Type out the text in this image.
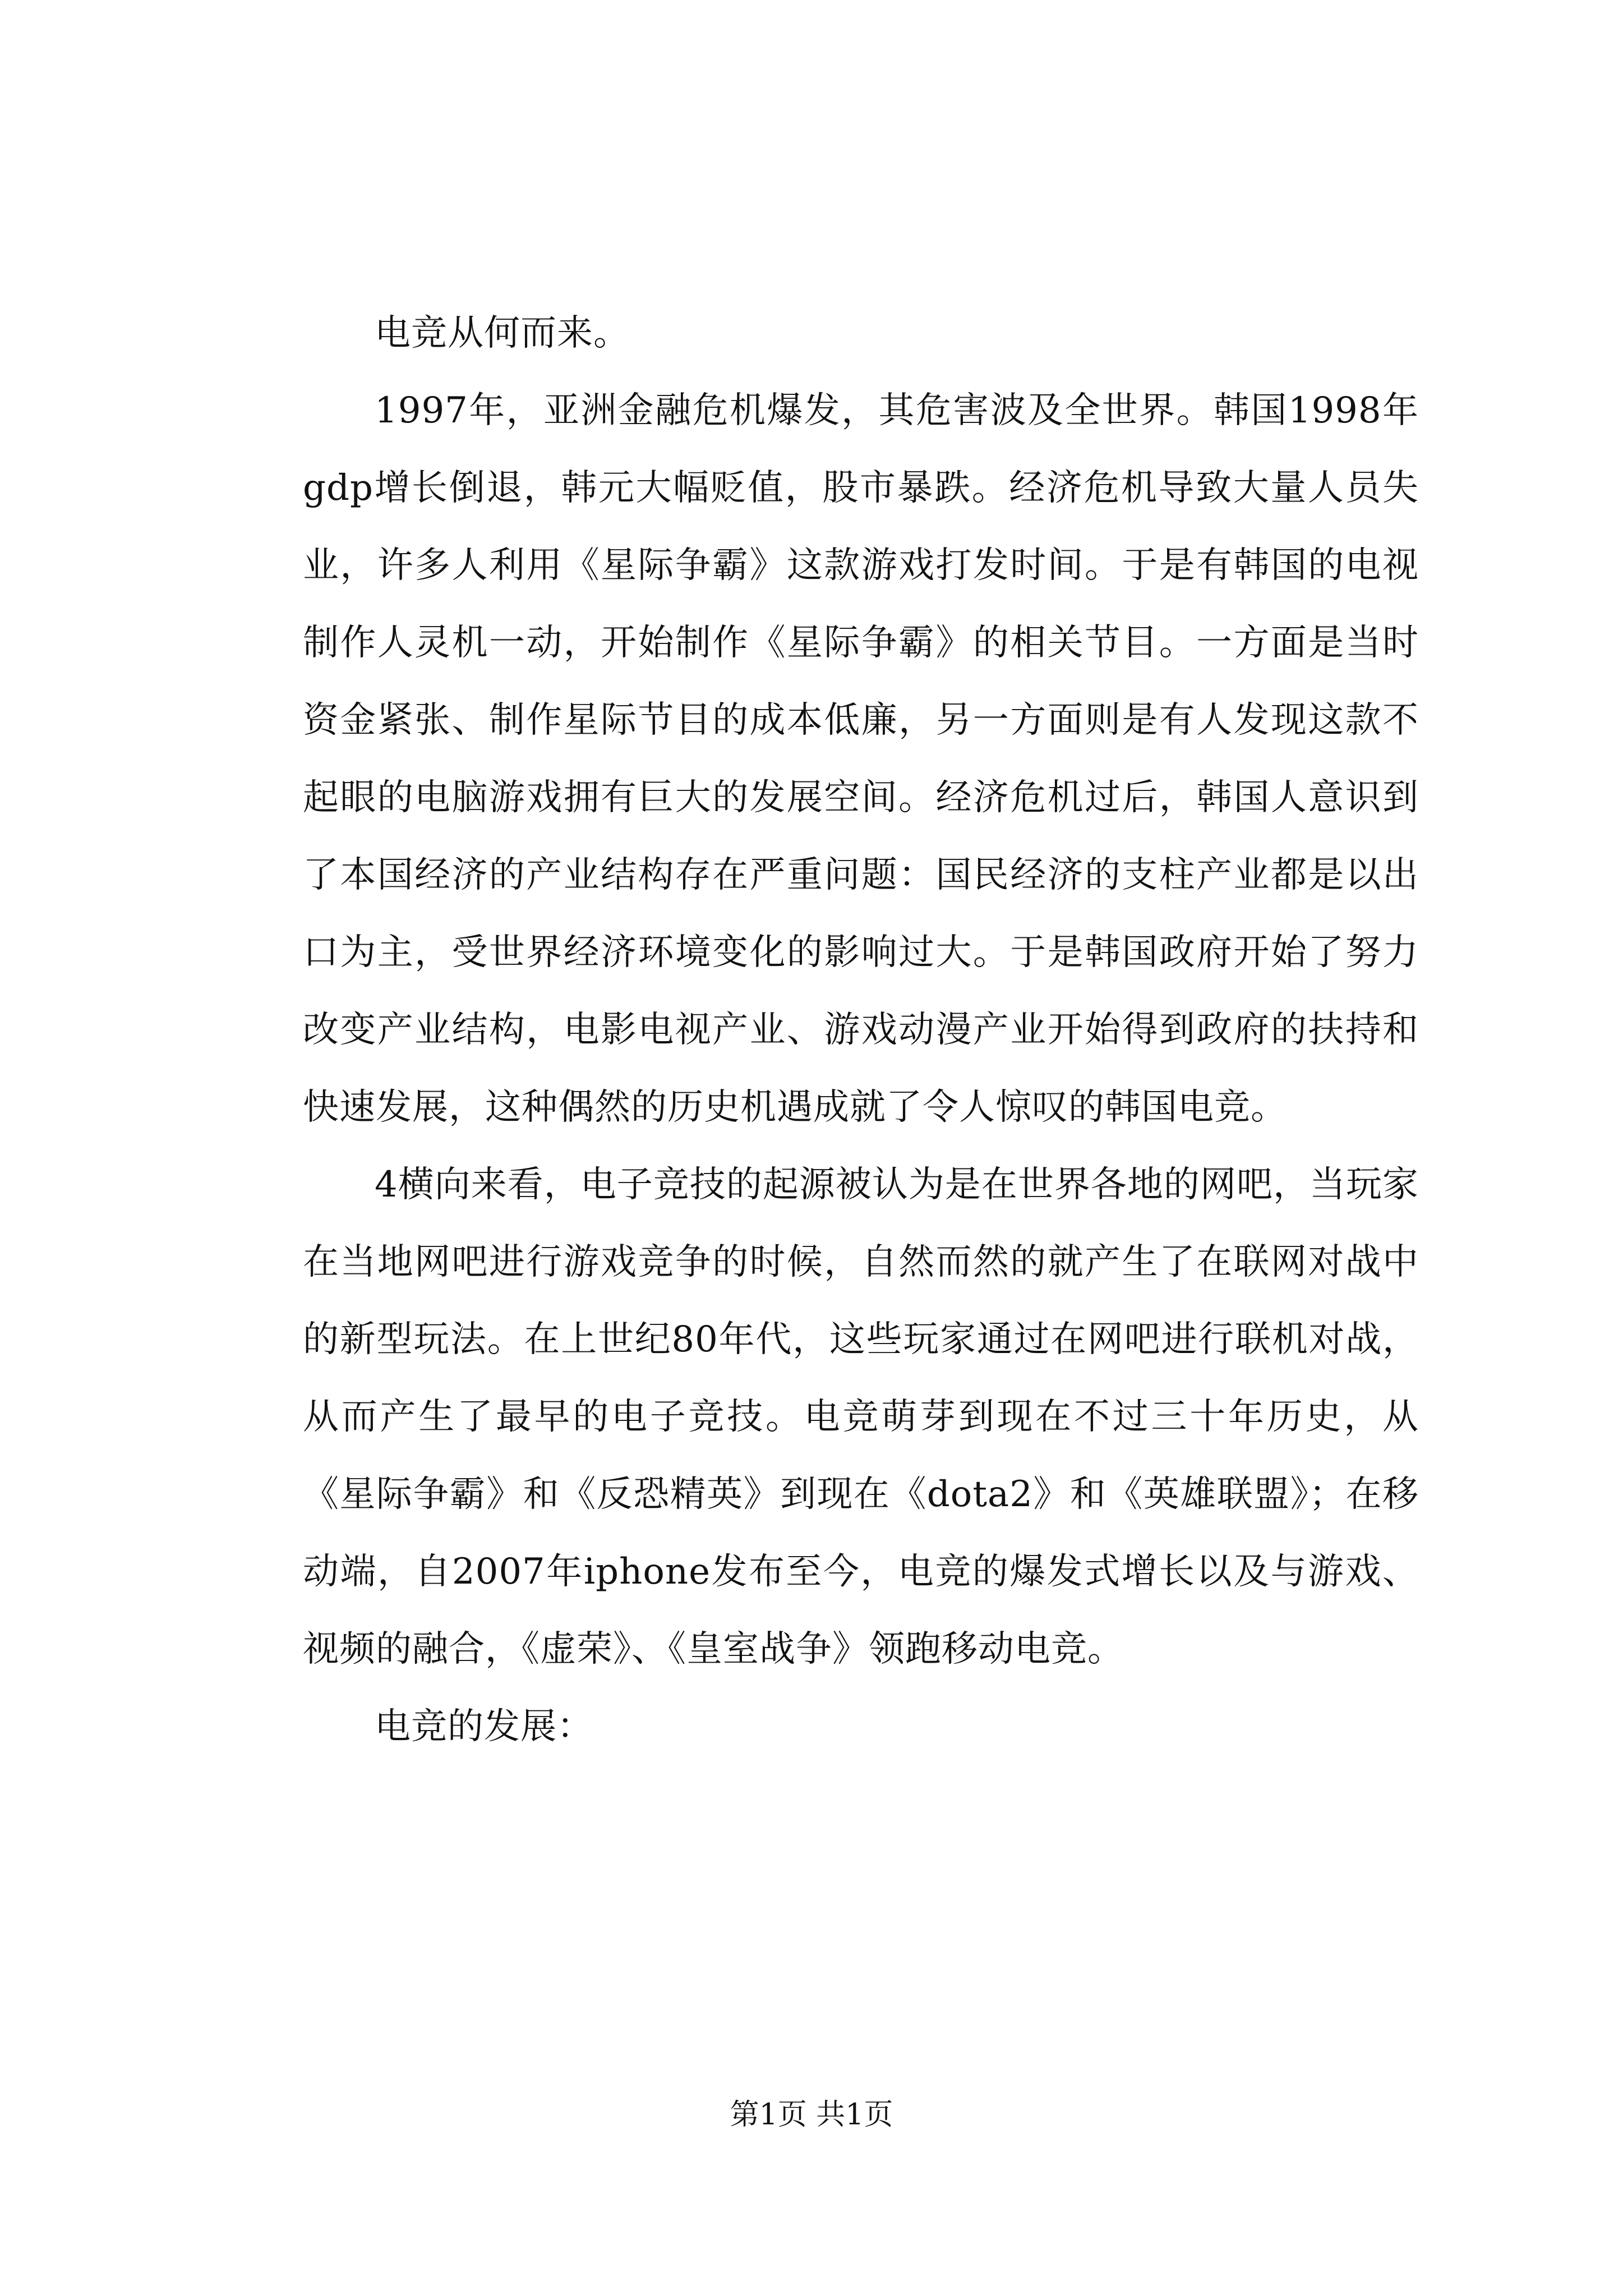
电竞从何而来。

1997年，亚洲金融危机爆发，其危害波及全世界。韩国1998年gdp增长倒退，韩元大幅贬值，股市暴跌。经济危机导致大量人员失业，许多人利用《星际争霸》这款游戏打发时间。于是有韩国的电视制作人灵机一动，开始制作《星际争霸》的相关节目。一方面是当时资金紧张、制作星际节目的成本低廉，另一方面则是有人发现这款不起眼的电脑游戏拥有巨大的发展空间。经济危机过后，韩国人意识到了本国经济的产业结构存在严重问题：国民经济的支柱产业都是以出口为主，受世界经济环境变化的影响过大。于是韩国政府开始了努力改变产业结构，电影电视产业、游戏动漫产业开始得到政府的扶持和快速发展，这种偶然的历史机遇成就了令人惊叹的韩国电竞。

4横向来看，电子竞技的起源被认为是在世界各地的网吧，当玩家在当地网吧进行游戏竞争的时候，自然而然的就产生了在联网对战中的新型玩法。在上世纪80年代，这些玩家通过在网吧进行联机对战，从而产生了最早的电子竞技。电竞萌芽到现在不过三十年历史，从《星际争霸》和《反恐精英》到现在《dota2》和《英雄联盟》；在移动端，自2007年iphone发布至今，电竞的爆发式增长以及与游戏、视频的融合，《虚荣》、《皇室战争》领跑移动电竞。

电竞的发展：

第1页 共1页
